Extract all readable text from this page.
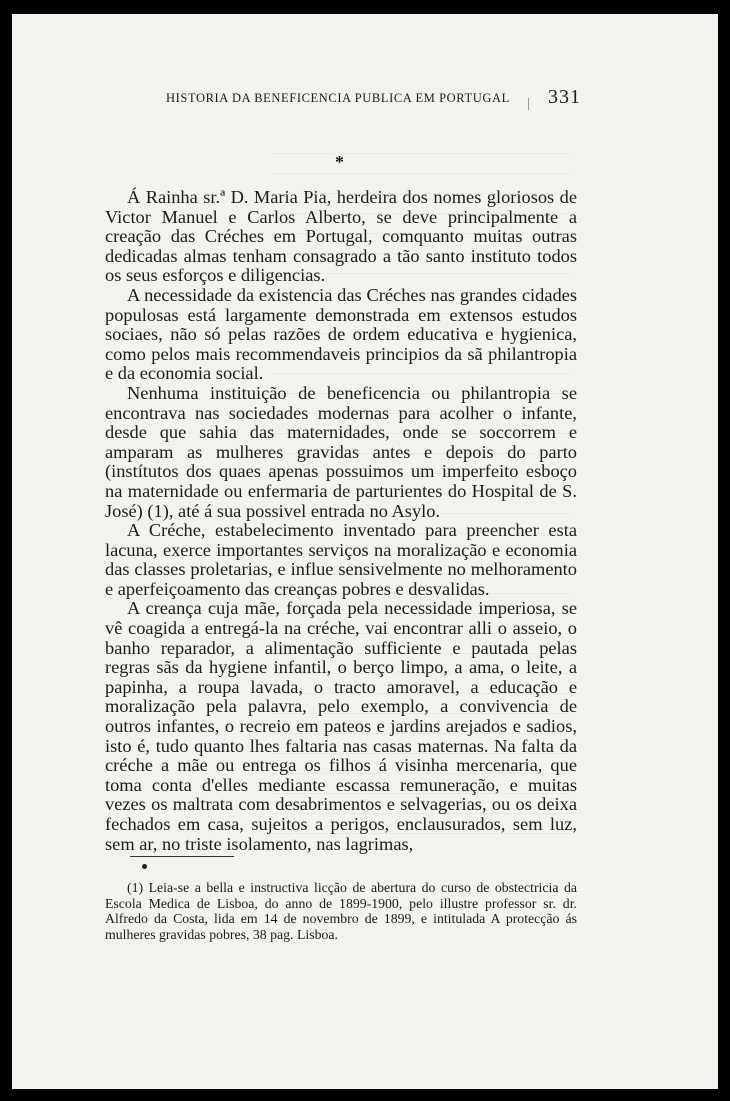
HISTORIA DA BENEFICENCIA PUBLICA EM PORTUGAL	331
*

Á Rainha sr.ª D. Maria Pia, herdeira dos nomes gloriosos de Victor Manuel e Carlos Alberto, se deve principalmente a creação das Créches em Portugal, comquanto muitas outras dedicadas almas tenham consagrado a tão santo instituto todos os seus esforços e diligencias.

A necessidade da existencia das Créches nas grandes cidades populosas está largamente demonstrada em extensos estudos sociaes, não só pelas razões de ordem educativa e hygienica, como pelos mais recommendaveis principios da sã philantropia e da economia social.

Nenhuma instituição de beneficencia ou philantropia se encontrava nas sociedades modernas para acolher o infante, desde que sahia das maternidades, onde se soccorrem e amparam as mulheres gravidas antes e depois do parto (instítutos dos quaes apenas possuimos um imperfeito esboço na maternidade ou enfermaria de parturientes do Hospital de S. José) (1), até á sua possivel entrada no Asylo.

A Créche, estabelecimento inventado para preencher esta lacuna, exerce importantes serviços na moralização e economia das classes proletarias, e influe sensivelmente no melhoramento e aperfeiçoamento das creanças pobres e desvalidas.

A creança cuja mãe, forçada pela necessidade imperiosa, se vê coagida a entregá-la na créche, vai encontrar alli o asseio, o banho reparador, a alimentação sufficiente e pautada pelas regras sãs da hygiene infantil, o berço limpo, a ama, o leite, a papinha, a roupa lavada, o tracto amoravel, a educação e moralização pela palavra, pelo exemplo, a convivencia de outros infantes, o recreio em pateos e jardins arejados e sadios, isto é, tudo quanto lhes faltaria nas casas maternas. Na falta da créche a mãe ou entrega os filhos á visinha mercenaria, que toma conta d'elles mediante escassa remuneração, e muitas vezes os maltrata com desabrimentos e selvagerias, ou os deixa fechados em casa, sujeitos a perigos, enclausurados, sem luz, sem ar, no triste isolamento, nas lagrimas,

(1) Leia-se a bella e instructiva licção de abertura do curso de obstectricia da Escola Medica de Lisboa, do anno de 1899-1900, pelo illustre professor sr. dr. Alfredo da Costa, lida em 14 de novembro de 1899, e intitulada A protecção ás mulheres gravidas pobres, 38 pag. Lisboa.
